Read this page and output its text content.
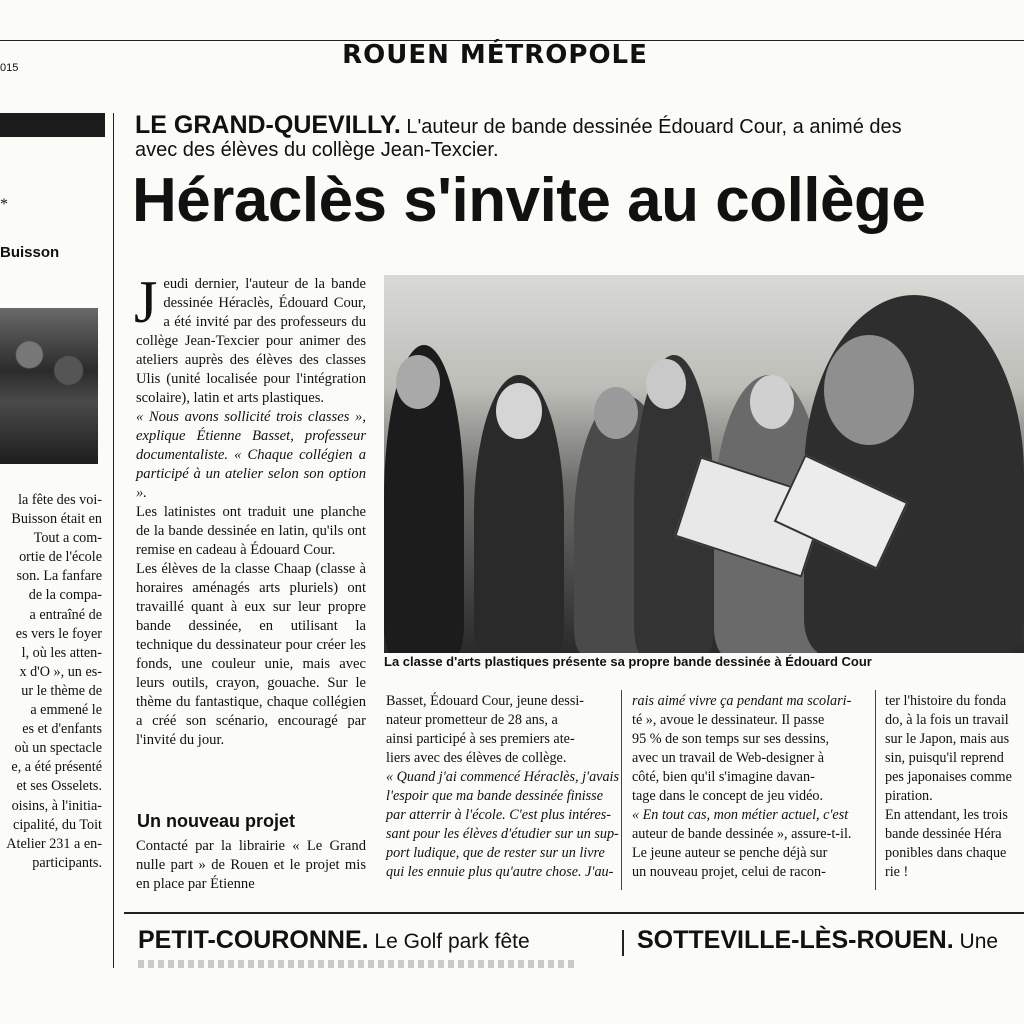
015	ROUEN MÉTROPOLE
*
Buisson
la fête des voi-
Buisson était en
Tout a com-
ortie de l'école
son. La fanfare
de la compa-
a entraîné de
es vers le foyer
l, où les atten-
x d'O », un es-
ur le thème de
a emmené le
es et d'enfants
où un spectacle
e, a été présenté
et ses Osselets.
oisins, à l'initia-
cipalité, du Toit
Atelier 231 a en-
participants.
LE GRAND-QUEVILLY. L'auteur de bande dessinée Édouard Cour, a animé des
avec des élèves du collège Jean-Texcier.
Héraclès s'invite au collège

Jeudi dernier, l'auteur de la bande dessinée Héraclès, Édouard Cour, a été invité par des professeurs du collège Jean-Texcier pour animer des ateliers auprès des élèves des classes Ulis (unité localisée pour l'intégration scolaire), latin et arts plastiques.

« Nous avons sollicité trois classes », explique Étienne Basset, professeur documentaliste. « Chaque collégien a participé à un atelier selon son option ».

Les latinistes ont traduit une planche de la bande dessinée en latin, qu'ils ont remise en cadeau à Édouard Cour.

Les élèves de la classe Chaap (classe à horaires aménagés arts pluriels) ont travaillé quant à eux sur leur propre bande dessinée, en utilisant la technique du dessinateur pour créer les fonds, une couleur unie, mais avec leurs outils, crayon, gouache. Sur le thème du fantastique, chaque collégien a créé son scénario, encouragé par l'invité du jour.

Un nouveau projet
Contacté par la librairie « Le Grand nulle part » de Rouen et le projet mis en place par Étienne
La classe d'arts plastiques présente sa propre bande dessinée à Édouard Cour
Basset, Édouard Cour, jeune dessi-
nateur prometteur de 28 ans, a
ainsi participé à ses premiers ate-
liers avec des élèves de collège.
« Quand j'ai commencé Héraclès, j'avais
l'espoir que ma bande dessinée finisse
par atterrir à l'école. C'est plus intéres-
sant pour les élèves d'étudier sur un sup-
port ludique, que de rester sur un livre
qui les ennuie plus qu'autre chose. J'au-
rais aimé vivre ça pendant ma scolari-
té », avoue le dessinateur. Il passe
95 % de son temps sur ses dessins,
avec un travail de Web-designer à
côté, bien qu'il s'imagine davan-
tage dans le concept de jeu vidéo.
« En tout cas, mon métier actuel, c'est
auteur de bande dessinée », assure-t-il.
Le jeune auteur se penche déjà sur
un nouveau projet, celui de racon-
ter l'histoire du fonda
do, à la fois un travail
sur le Japon, mais aus
sin, puisqu'il reprend
pes japonaises comme
piration.
En attendant, les trois
bande dessinée Héra
ponibles dans chaque
rie !
PETIT-COURONNE. Le Golf park fête	SOTTEVILLE-LÈS-ROUEN. Une
